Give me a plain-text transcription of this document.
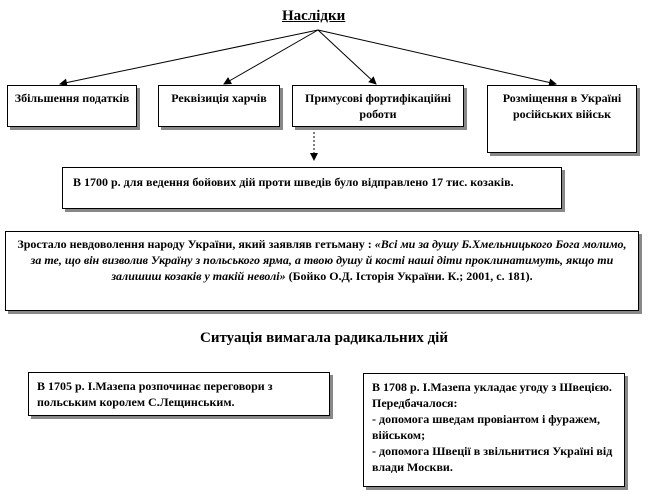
Наслідки
Збільшення податків	Реквізиція харчів	Примусові фортифікаційні роботи
Розміщення в Україні російських військ
В 1700 р. для ведення бойових дій проти шведів було відправлено 17 тис. козаків.
Зростало невдоволення народу України, який заявляв гетьману : «Всі ми за душу Б.Хмельницького Бога молимо, за те, що він визволив Україну з польського ярма, а твою душу й кості наші діти проклинатимуть, якщо ти залишиш козаків у такій неволі» (Бойко О.Д. Історія України. К.; 2001, с. 181).
Ситуація вимагала радикальних дій
В 1705 р. І.Мазепа розпочинає переговори з польським королем С.Лещинським.
В 1708 р. І.Мазепа укладає угоду з Швецією. Передбачалося:
- допомога шведам провіантом і фуражем, військом;
- допомога Швеції в звільнитися Україні від влади Москви.
